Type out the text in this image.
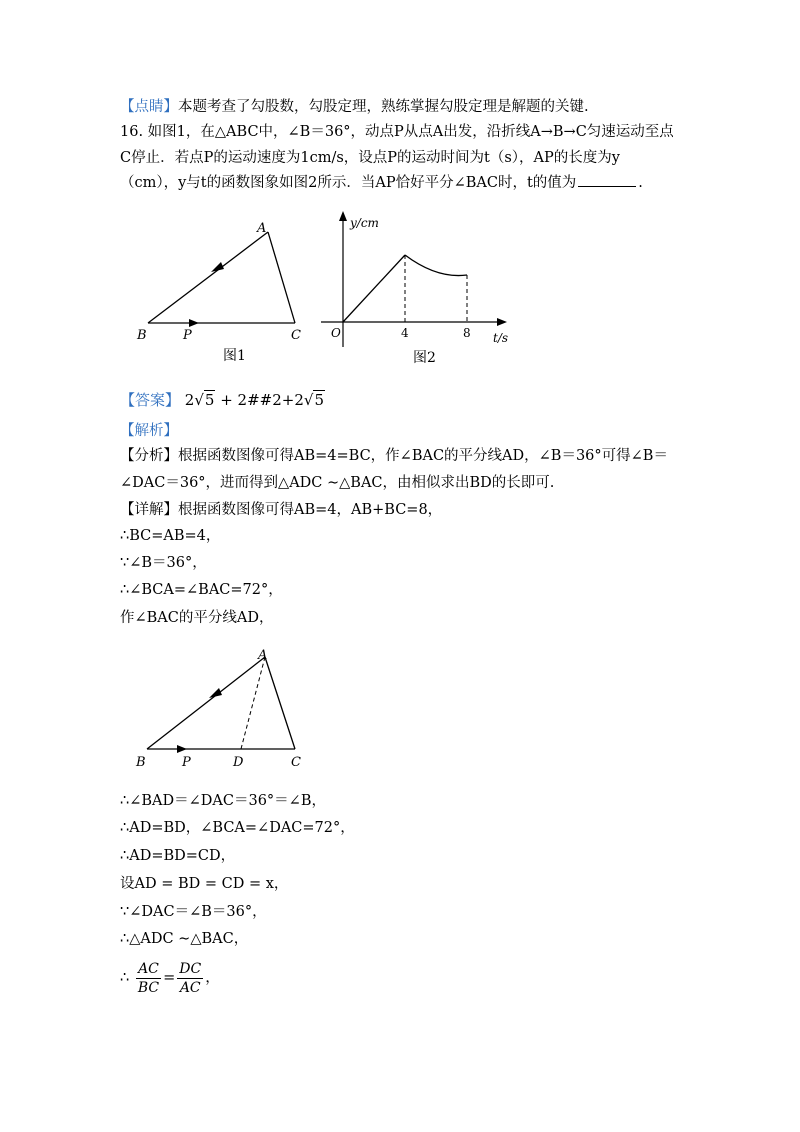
【点睛】本题考查了勾股数，勾股定理，熟练掌握勾股定理是解题的关键.
16. 如图1，在△ABC中，∠B＝36°，动点P从点A出发，沿折线A→B→C匀速运动至点
C停止．若点P的运动速度为1cm/s，设点P的运动时间为t（s），AP的长度为y
（cm），y与t的函数图象如图2所示．当AP恰好平分∠BAC时，t的值为	.
A
B	P	C
图1
y/cm
t/s
O	4	8
图2
【答案】 2√5 + 2##2+2√5
【解析】
【分析】根据函数图像可得AB=4=BC，作∠BAC的平分线AD，∠B＝36°可得∠B＝
∠DAC＝36°，进而得到△ADC ∼△BAC，由相似求出BD的长即可.
【详解】根据函数图像可得AB=4，AB+BC=8，
∴BC=AB=4，
∵∠B＝36°，
∴∠BCA=∠BAC=72°，
作∠BAC的平分线AD，
A
B	P	D	C
∴∠BAD＝∠DAC＝36°＝∠B，
∴AD=BD，∠BCA=∠DAC=72°，
∴AD=BD=CD，
设AD = BD = CD = x，
∵∠DAC＝∠B＝36°，
∴△ADC ∼△BAC，
∴ $\frac{AC}{BC} = \frac{DC}{AC}$ ，
